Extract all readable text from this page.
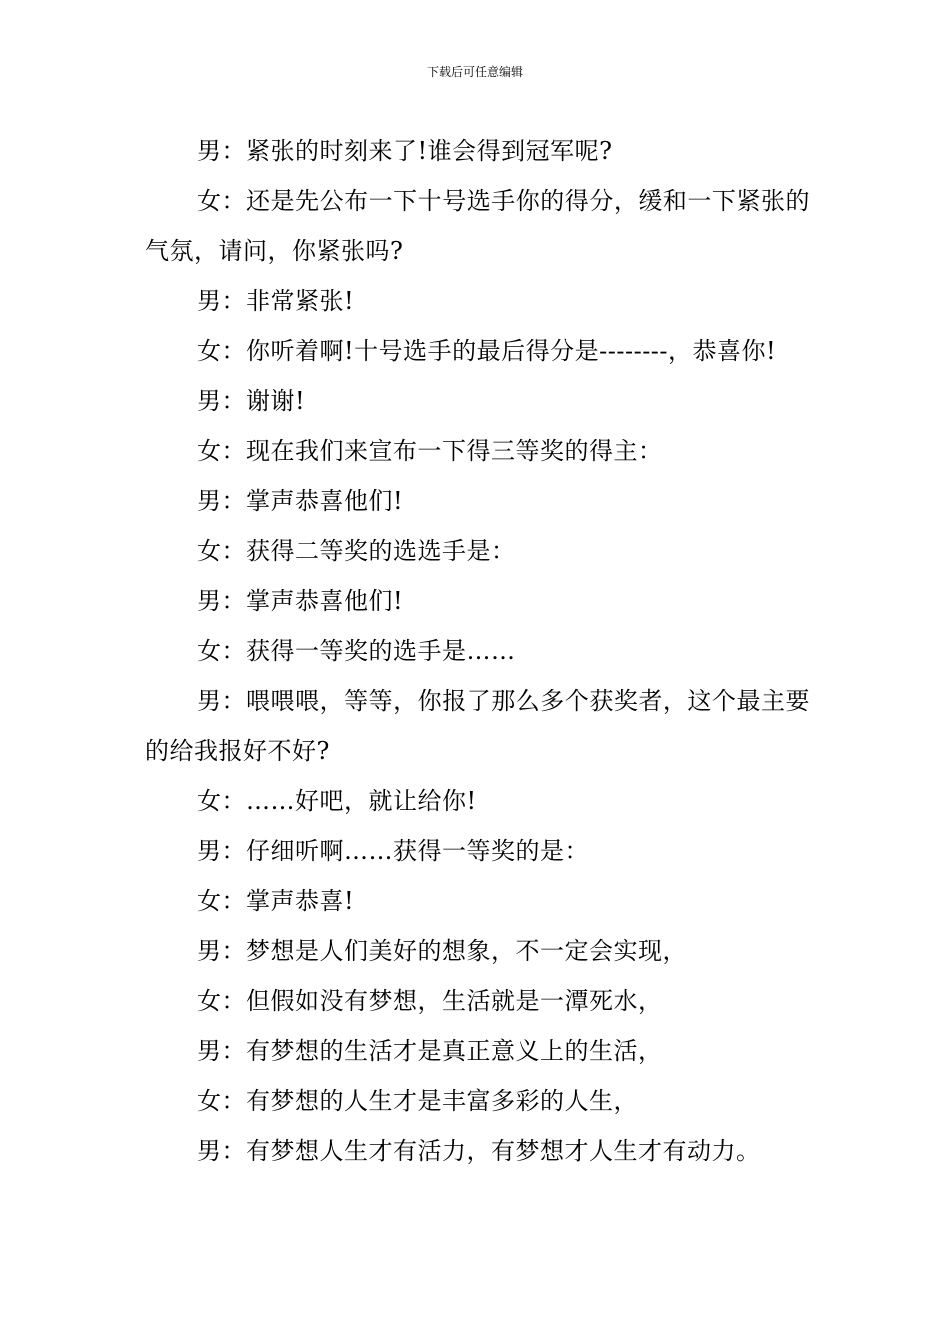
下载后可任意编辑

男：紧张的时刻来了!谁会得到冠军呢?

女：还是先公布一下十号选手你的得分，缓和一下紧张的气氛，请问，你紧张吗?

男：非常紧张!

女：你听着啊!十号选手的最后得分是--------，恭喜你!

男：谢谢!

女：现在我们来宣布一下得三等奖的得主：

男：掌声恭喜他们!

女：获得二等奖的选选手是：

男：掌声恭喜他们!

女：获得一等奖的选手是……

男：喂喂喂，等等，你报了那么多个获奖者，这个最主要的给我报好不好?

女：……好吧，就让给你!

男：仔细听啊……获得一等奖的是：

女：掌声恭喜!

男：梦想是人们美好的想象，不一定会实现，

女：但假如没有梦想，生活就是一潭死水，

男：有梦想的生活才是真正意义上的生活，

女：有梦想的人生才是丰富多彩的人生，

男：有梦想人生才有活力，有梦想才人生才有动力。
